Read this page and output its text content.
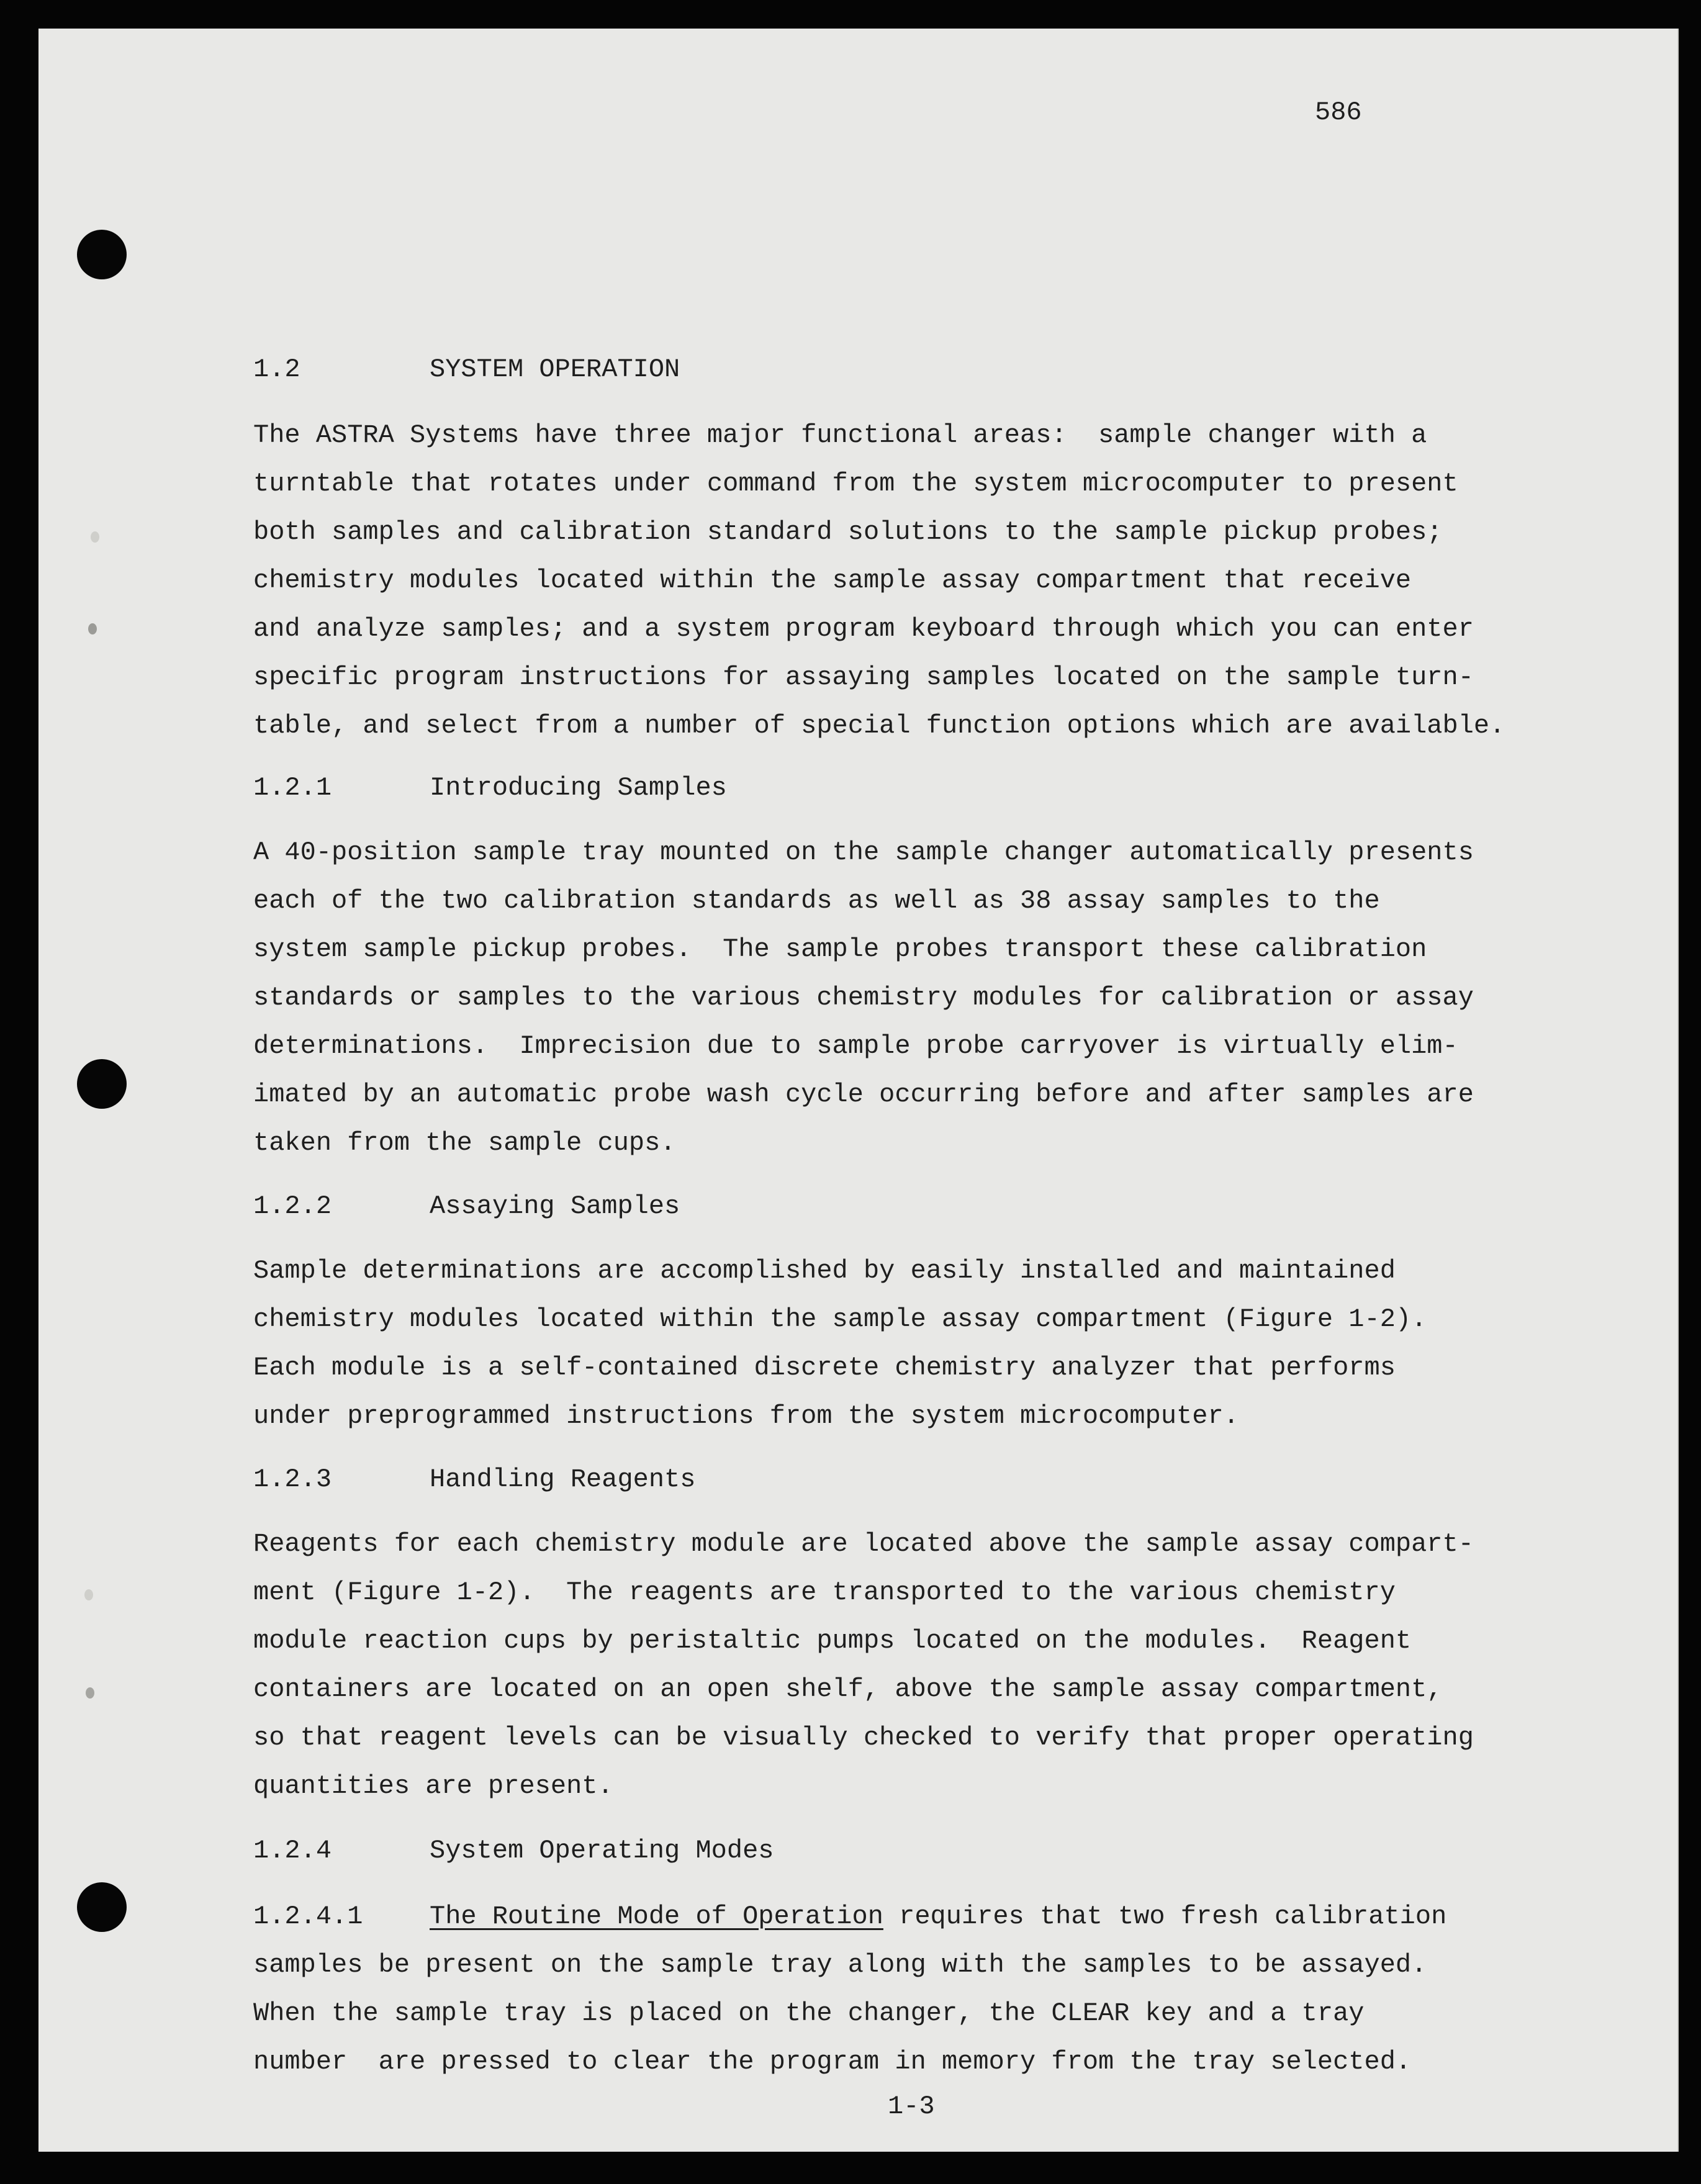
586
1.2	SYSTEM OPERATION
The ASTRA Systems have three major functional areas:  sample changer with a
turntable that rotates under command from the system microcomputer to present
both samples and calibration standard solutions to the sample pickup probes;
chemistry modules located within the sample assay compartment that receive
and analyze samples; and a system program keyboard through which you can enter
specific program instructions for assaying samples located on the sample turn-
table, and select from a number of special function options which are available.
1.2.1	Introducing Samples
A 40-position sample tray mounted on the sample changer automatically presents
each of the two calibration standards as well as 38 assay samples to the
system sample pickup probes.  The sample probes transport these calibration
standards or samples to the various chemistry modules for calibration or assay
determinations.  Imprecision due to sample probe carryover is virtually elim-
imated by an automatic probe wash cycle occurring before and after samples are
taken from the sample cups.
1.2.2	Assaying Samples
Sample determinations are accomplished by easily installed and maintained
chemistry modules located within the sample assay compartment (Figure 1-2).
Each module is a self-contained discrete chemistry analyzer that performs
under preprogrammed instructions from the system microcomputer.
1.2.3	Handling Reagents
Reagents for each chemistry module are located above the sample assay compart-
ment (Figure 1-2).  The reagents are transported to the various chemistry
module reaction cups by peristaltic pumps located on the modules.  Reagent
containers are located on an open shelf, above the sample assay compartment,
so that reagent levels can be visually checked to verify that proper operating
quantities are present.
1.2.4	System Operating Modes
1.2.4.1	The Routine Mode of Operation requires that two fresh calibration
samples be present on the sample tray along with the samples to be assayed.
When the sample tray is placed on the changer, the CLEAR key and a tray
number  are pressed to clear the program in memory from the tray selected.
1-3
